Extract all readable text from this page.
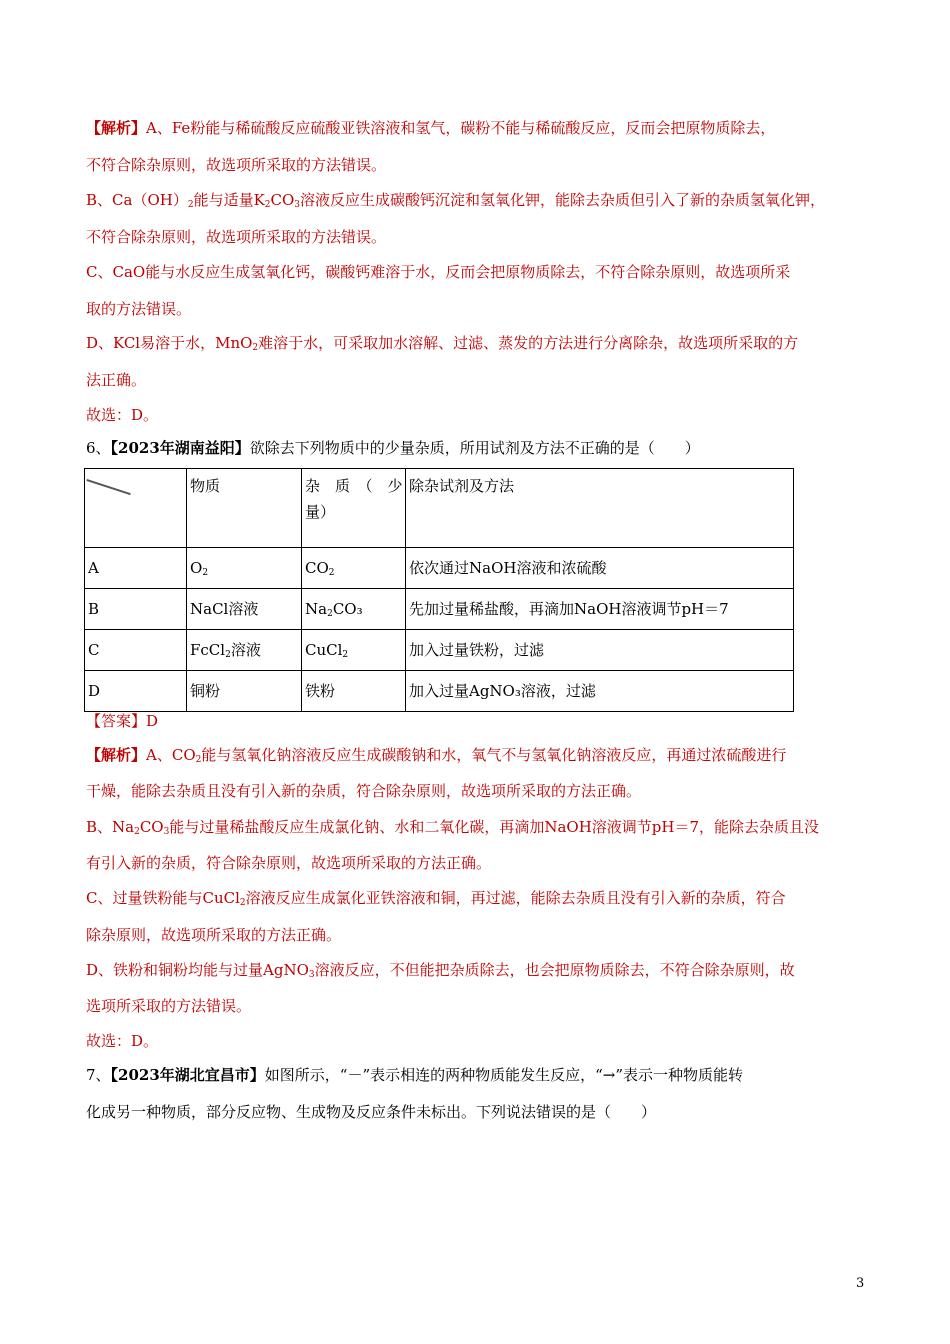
【解析】A、Fe粉能与稀硫酸反应硫酸亚铁溶液和氢气，碳粉不能与稀硫酸反应，反而会把原物质除去，
不符合除杂原则，故选项所采取的方法错误。
B、$Ca(OH)_2$能与适量$K_2CO_3$溶液反应生成碳酸钙沉淀和氢氧化钾，能除去杂质但引入了新的杂质氢氧化钾，
不符合除杂原则，故选项所采取的方法错误。
C、CaO能与水反应生成氢氧化钙，碳酸钙难溶于水，反而会把原物质除去，不符合除杂原则，故选项所采
取的方法错误。
D、KCl易溶于水，MnO$_2$难溶于水，可采取加水溶解、过滤、蒸发的方法进行分离除杂，故选项所采取的方
法正确。
故选：D。
6、【2023年湖南益阳】欲除去下列物质中的少量杂质，所用试剂及方法不正确的是（　　）
	物质	杂　质　（　少
量）	除杂试剂及方法
A	$O_2$	$CO_2$	依次通过NaOH溶液和浓硫酸
B	NaCl溶液	$Na_2CO_3$	先加过量稀盐酸，再滴加NaOH溶液调节pH＝7
C	FcCl$_2$溶液	CuCl$_2$	加入过量铁粉，过滤
D	铜粉	铁粉	加入过量AgNO₃溶液，过滤
【答案】D
【解析】A、$CO_2$能与氢氧化钠溶液反应生成碳酸钠和水，氧气不与氢氧化钠溶液反应，再通过浓硫酸进行
干燥，能除去杂质且没有引入新的杂质，符合除杂原则，故选项所采取的方法正确。
B、$Na_2CO_3$能与过量稀盐酸反应生成氯化钠、水和二氧化碳，再滴加NaOH溶液调节pH＝7，能除去杂质且没
有引入新的杂质，符合除杂原则，故选项所采取的方法正确。
C、过量铁粉能与CuCl$_2$溶液反应生成氯化亚铁溶液和铜，再过滤，能除去杂质且没有引入新的杂质，符合
除杂原则，故选项所采取的方法正确。
D、铁粉和铜粉均能与过量AgNO$_3$溶液反应，不但能把杂质除去，也会把原物质除去，不符合除杂原则，故
选项所采取的方法错误。
故选：D。
7、【2023年湖北宜昌市】如图所示，“－”表示相连的两种物质能发生反应，“→”表示一种物质能转
化成另一种物质，部分反应物、生成物及反应条件未标出。下列说法错误的是（　　）
3
